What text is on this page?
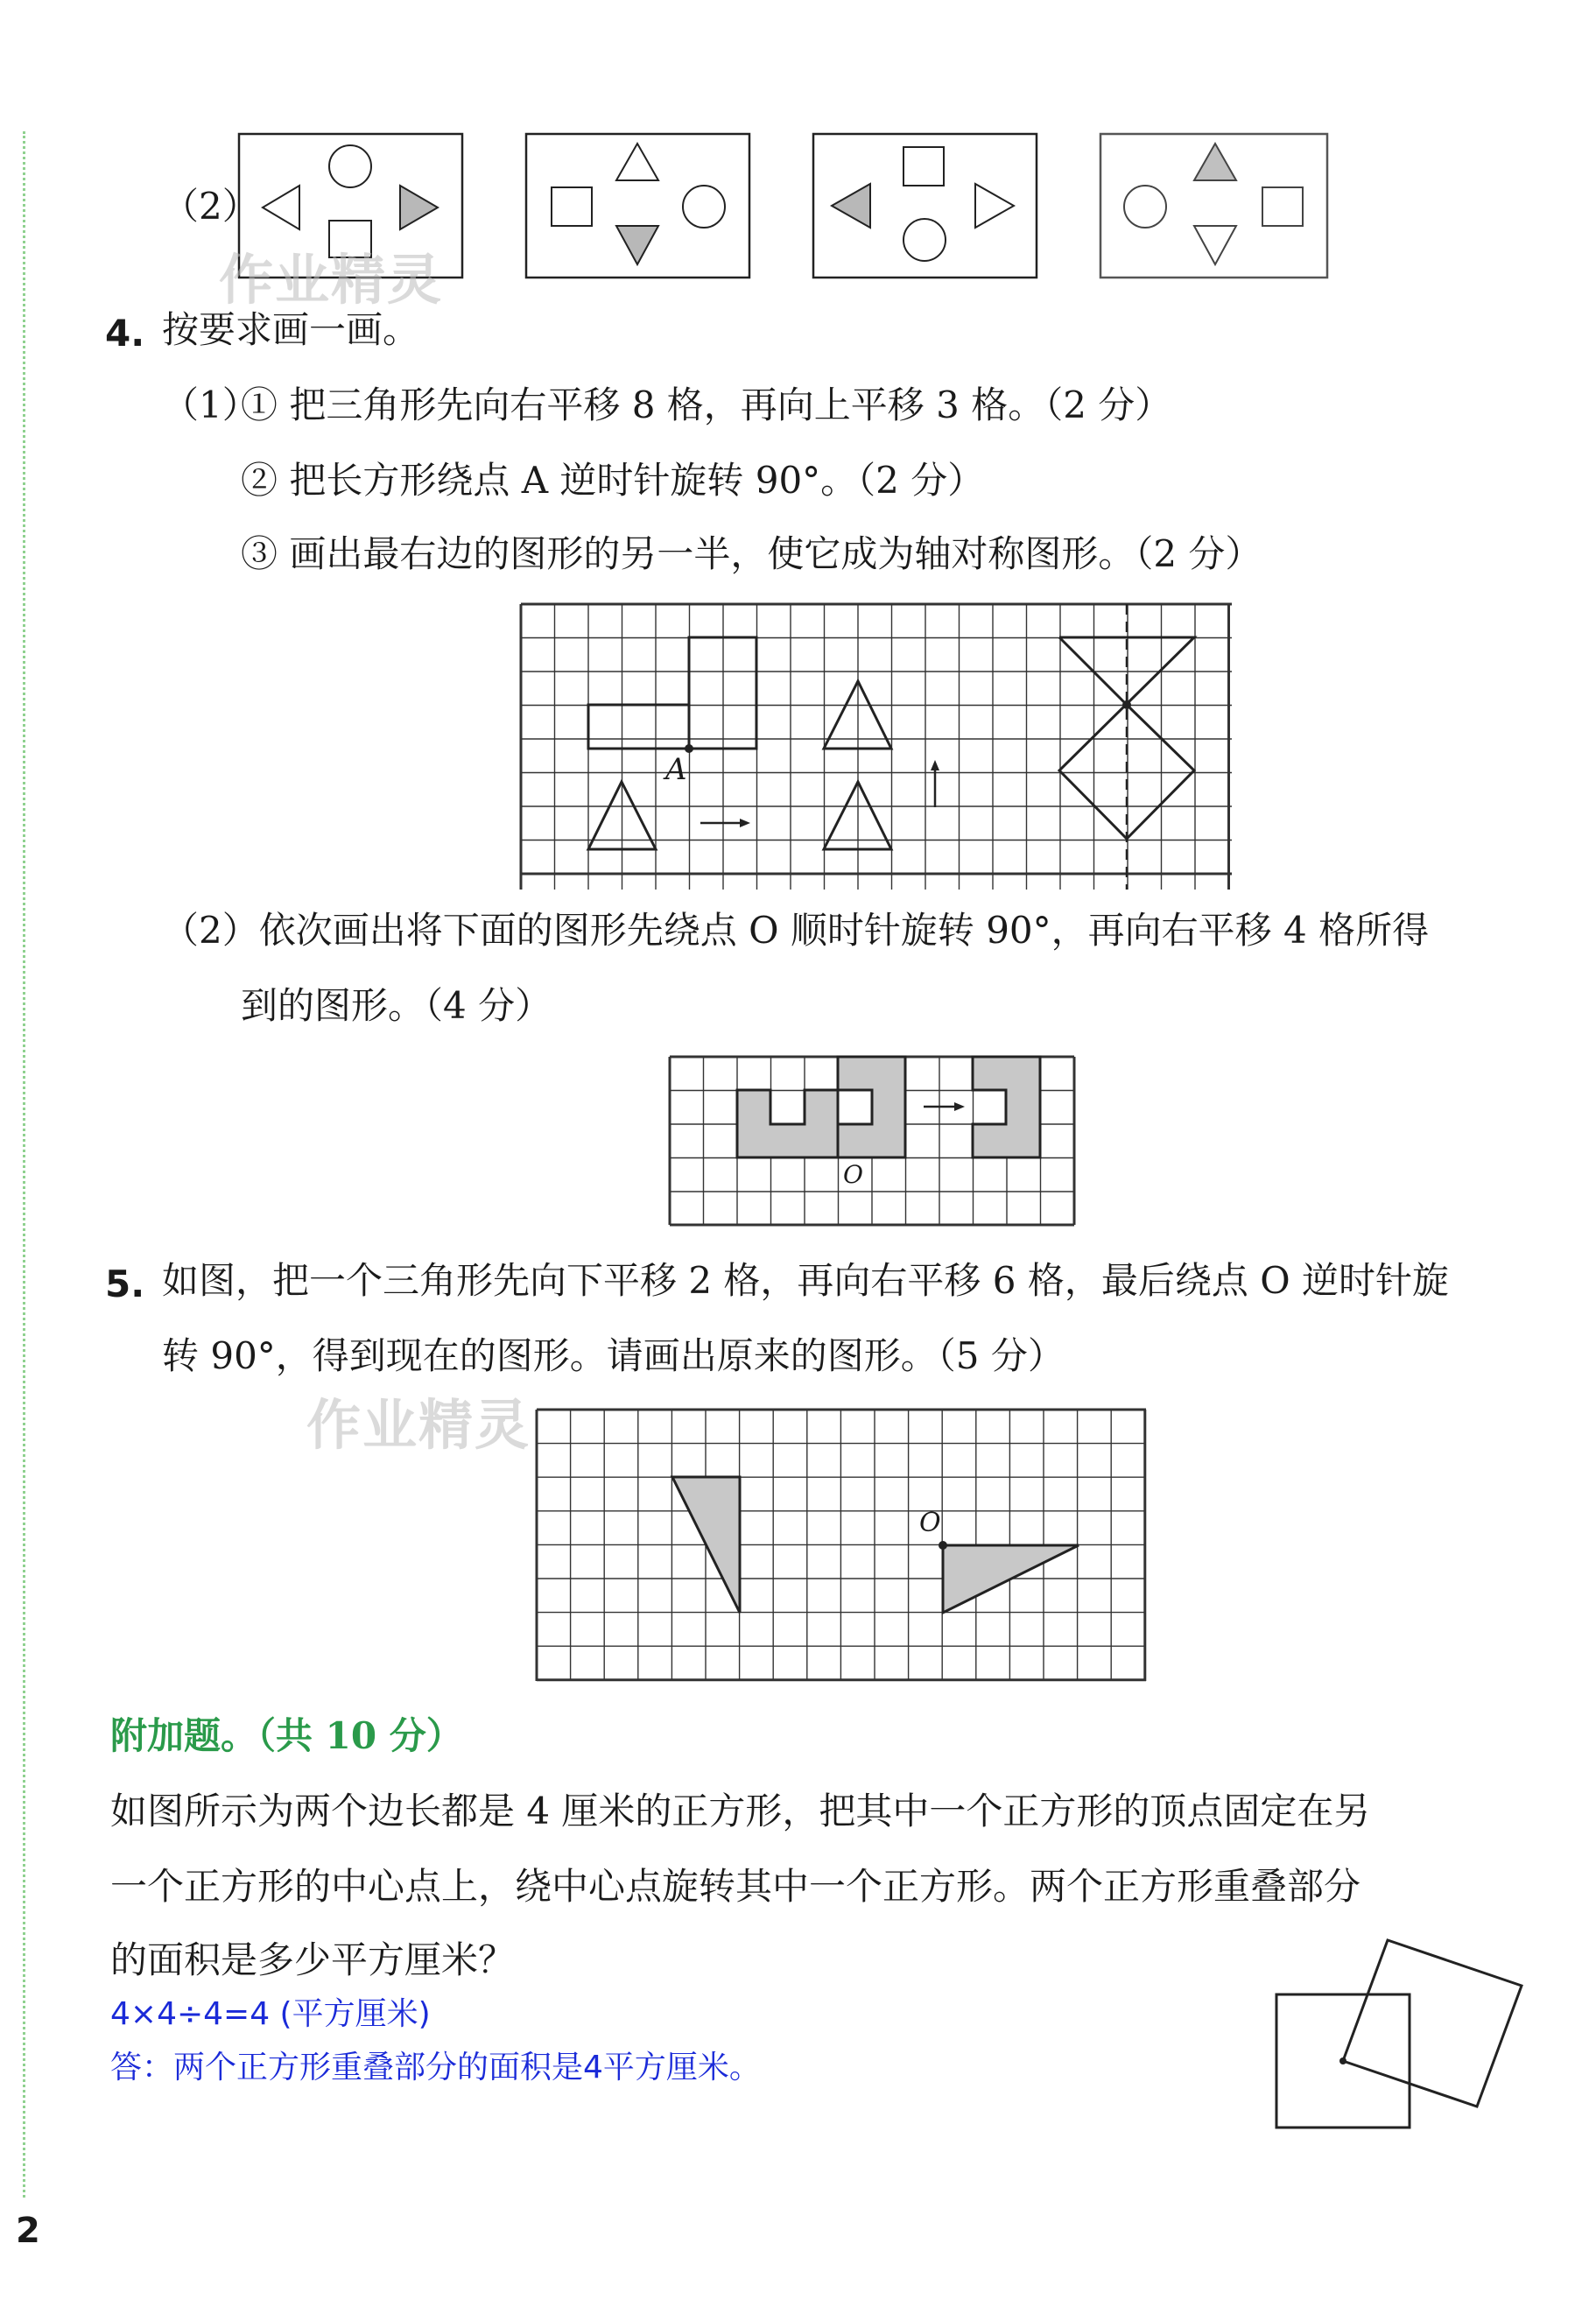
（2）
作业精灵
4. 按要求画一画。
（1）
① 把三角形先向右平移 8 格，再向上平移 3 格。（2 分）
② 把长方形绕点 A 逆时针旋转 90°。（2 分）
③ 画出最右边的图形的另一半，使它成为轴对称图形。（2 分）
A
（2）依次画出将下面的图形先绕点 O 顺时针旋转 90°，再向右平移 4 格所得
到的图形。（4 分）
O
5. 如图，把一个三角形先向下平移 2 格，再向右平移 6 格，最后绕点 O 逆时针旋
转 90°，得到现在的图形。请画出原来的图形。（5 分）
作业精灵
O
附加题。（共 10 分）
如图所示为两个边长都是 4 厘米的正方形，把其中一个正方形的顶点固定在另
一个正方形的中心点上，绕中心点旋转其中一个正方形。两个正方形重叠部分
的面积是多少平方厘米？
4×4÷4=4 (平方厘米)
答：两个正方形重叠部分的面积是4平方厘米。
2
